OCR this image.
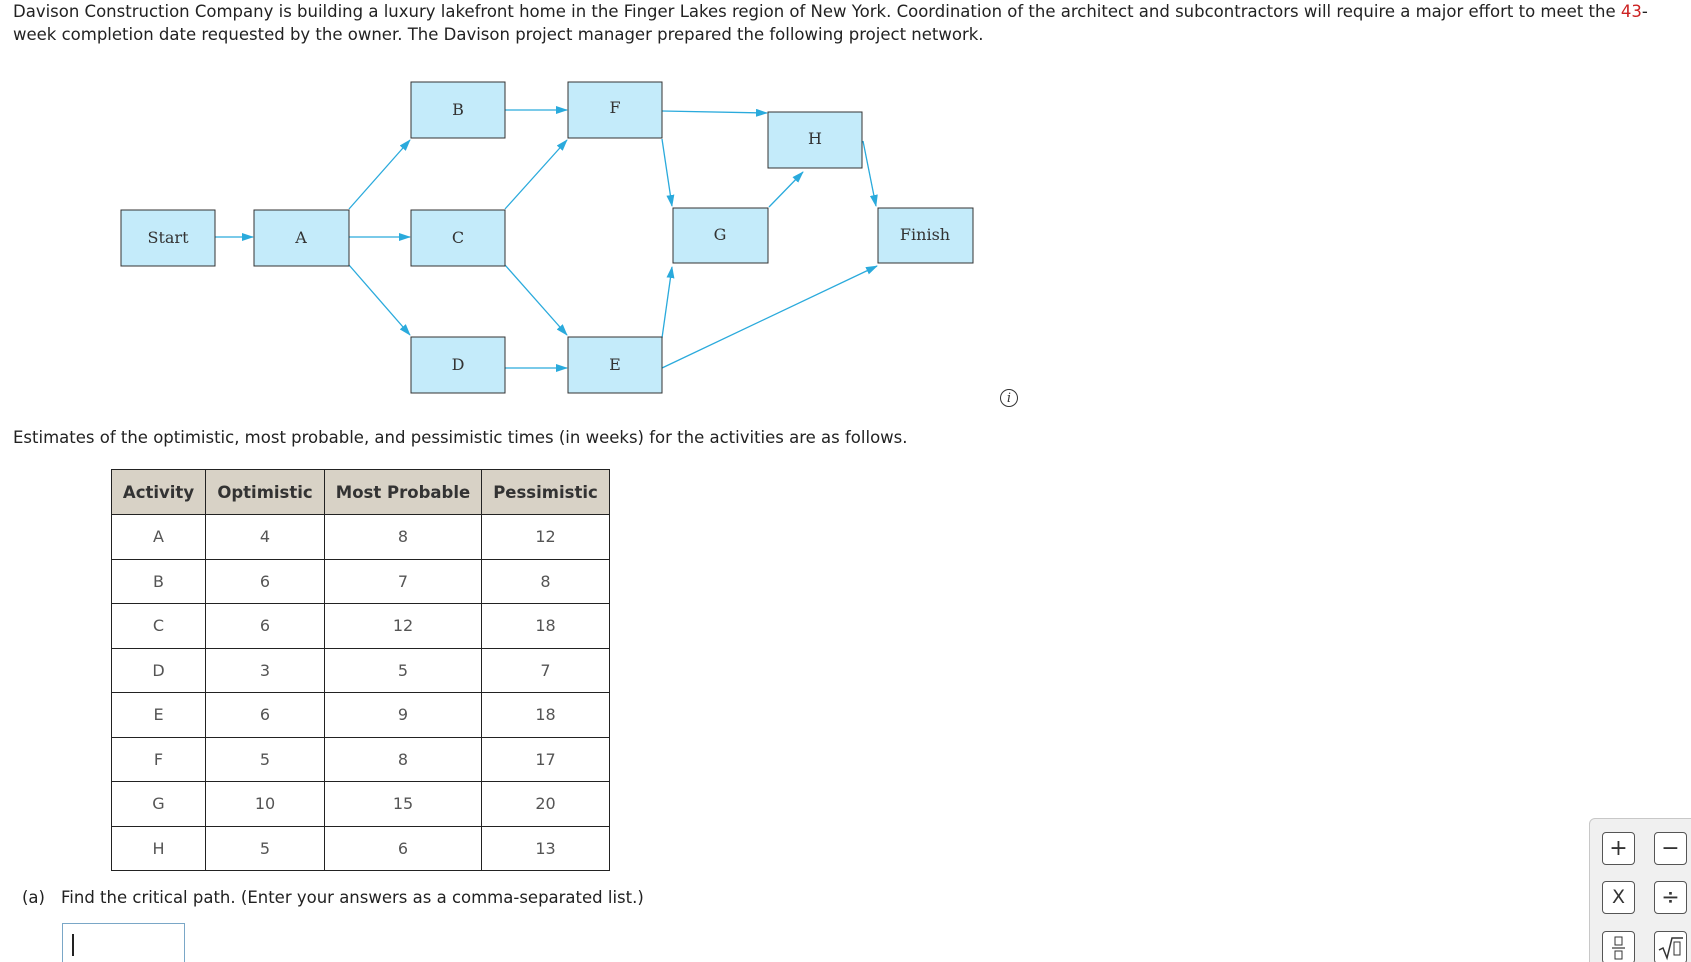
Davison Construction Company is building a luxury lakefront home in the Finger Lakes region of New York. Coordination of the architect and subcontractors will require a major effort to meet the 43-week completion date requested by the owner. The Davison project manager prepared the following project network.
Start	A
B
C
D
F
E
G
H
Finish
i
Estimates of the optimistic, most probable, and pessimistic times (in weeks) for the activities are as follows.
Activity	Optimistic	Most Probable	Pessimistic
A	4	8	12
B	6	7	8
C	6	12	18
D	3	5	7
E	6	9	18
F	5	8	17
G	10	15	20
H	5	6	13
(a) Find the critical path. (Enter your answers as a comma-separated list.)
+	−
X	÷
